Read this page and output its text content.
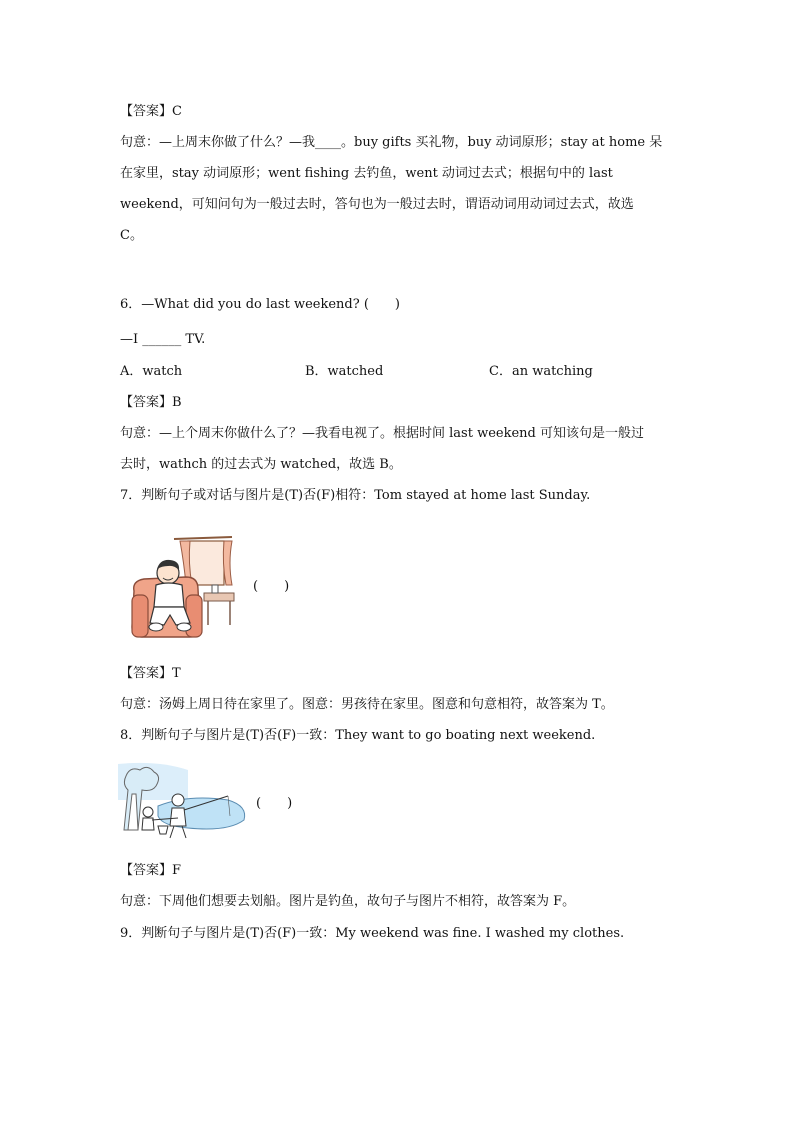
【答案】C
句意：—上周末你做了什么？—我____。buy gifts 买礼物，buy 动词原形；stay at home 呆
在家里，stay 动词原形；went fishing 去钓鱼，went 动词过去式；根据句中的 last
weekend，可知问句为一般过去时，答句也为一般过去时，谓语动词用动词过去式，故选
C。
6．—What did you do last weekend? (　　)
—I ______ TV.
A．watch	B．watched	C．an watching
【答案】B
句意：—上个周末你做什么了？—我看电视了。根据时间 last weekend 可知该句是一般过
去时，wathch 的过去式为 watched，故选 B。
7．判断句子或对话与图片是(T)否(F)相符：Tom stayed at home last Sunday.
(　　)
【答案】T
句意：汤姆上周日待在家里了。图意：男孩待在家里。图意和句意相符，故答案为 T。
8．判断句子与图片是(T)否(F)一致：They want to go boating next weekend.
(　　)
【答案】F
句意：下周他们想要去划船。图片是钓鱼，故句子与图片不相符，故答案为 F。
9．判断句子与图片是(T)否(F)一致：My weekend was fine. I washed my clothes.
